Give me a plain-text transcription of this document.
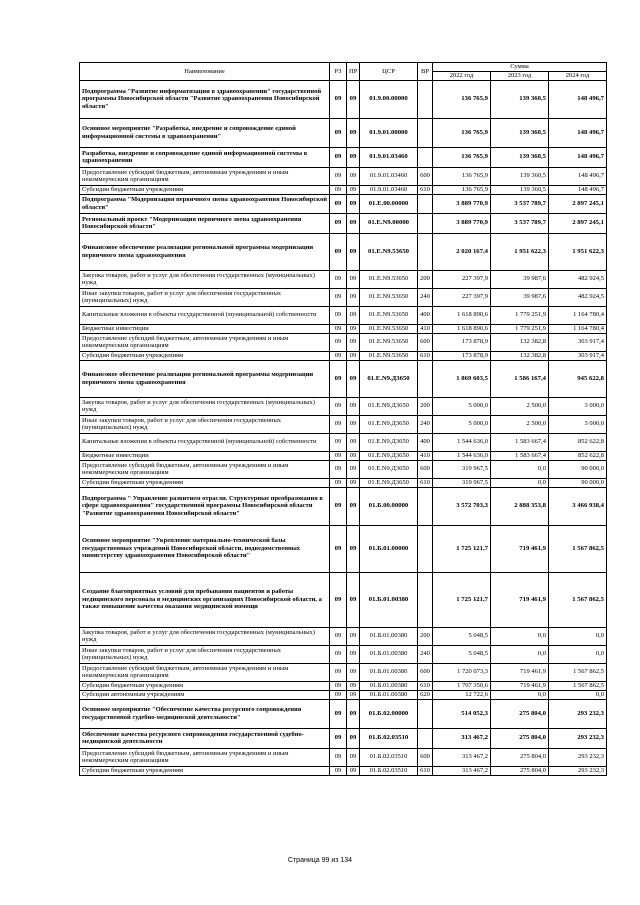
Наименование	РЗ	ПР	ЦСР	ВР	Сумма		
					2022 год	2023 год	2024 год
Подпрограмма "Развитие информатизации в здравоохранении" государственной программы Новосибирской области "Развитие здравоохранения Новосибирской области"	09	09	01.9.00.00000		136 765,9	139 360,5	148 496,7
Основное мероприятие "Разработка, внедрение и сопровождение единой информационной системы в здравоохранении"	09	09	01.9.01.00000		136 765,9	139 360,5	148 496,7
Разработка, внедрение и сопровождение единой информационной системы в здравоохранении	09	09	01.9.01.03460		136 765,9	139 360,5	148 496,7
Предоставление субсидий бюджетным, автономным учреждениям и иным некоммерческим организациям	09	09	01.9.01.03460	600	136 765,9	139 360,5	148 496,7
Субсидии бюджетным учреждениям	09	09	01.9.01.03460	610	136 765,9	139 360,5	148 496,7
Подпрограмма "Модернизация первичного звена здравоохранения Новосибирской области"	09	09	01.Е.00.00000		3 889 770,9	3 537 789,7	2 897 245,1
Региональный проект "Модернизация первичного звена здравоохранения Новосибирской области"	09	09	01.Е.N9.00000		3 889 770,9	3 537 789,7	2 897 245,1
Финансовое обеспечение реализации региональной программы модернизации первичного звена здравоохранения	09	09	01.Е.N9.53650		2 020 167,4	1 951 622,3	1 951 622,3
Закупка товаров, работ и услуг для обеспечения государственных (муниципальных) нужд	09	09	01.Е.N9.53650	200	227 397,9	39 987,6	482 924,5
Иные закупки товаров, работ и услуг для обеспечения государственных (муниципальных) нужд	09	09	01.Е.N9.53650	240	227 397,9	39 987,6	482 924,5
Капитальные вложения в объекты государственной (муниципальной) собственности	09	09	01.Е.N9.53650	400	1 618 890,6	1 779 251,9	1 164 780,4
Бюджетные инвестиции	09	09	01.Е.N9.53650	410	1 618 890,6	1 779 251,9	1 164 780,4
Предоставление субсидий бюджетным, автономным учреждениям и иным некоммерческим организациям	09	09	01.Е.N9.53650	600	173 878,9	132 382,8	303 917,4
Субсидии бюджетным учреждениям	09	09	01.Е.N9.53650	610	173 878,9	132 382,8	303 917,4
Финансовое обеспечение реализации региональной программы модернизации первичного звена здравоохранения	09	09	01.Е.N9.Д3650		1 869 603,5	1 586 167,4	945 622,8
Закупка товаров, работ и услуг для обеспечения государственных (муниципальных) нужд	09	09	01.Е.N9.Д3650	200	5 000,0	2 500,0	3 000,0
Иные закупки товаров, работ и услуг для обеспечения государственных (муниципальных) нужд	09	09	01.Е.N9.Д3650	240	5 000,0	2 500,0	3 000,0
Капитальные вложения в объекты государственной (муниципальной) собственности	09	09	01.Е.N9.Д3650	400	1 544 636,0	1 583 667,4	852 622,8
Бюджетные инвестиции	09	09	01.Е.N9.Д3650	410	1 544 636,0	1 583 667,4	852 622,8
Предоставление субсидий бюджетным, автономным учреждениям и иным некоммерческим организациям	09	09	01.Е.N9.Д3650	600	319 967,5	0,0	90 000,0
Субсидии бюджетным учреждениям	09	09	01.Е.N9.Д3650	610	319 967,5	0,0	90 000,0
Подпрограмма " Управление развитием отрасли. Структурные преобразования в сфере здравоохранения" государственной программы Новосибирской области "Развитие здравоохранения Новосибирской области"	09	09	01.Б.00.00000		3 572 703,3	2 888 353,8	3 466 938,4
Основное мероприятие "Укрепление материально-технической базы государственных учреждений Новосибирской области, подведомственных министерству здравоохранения Новосибирской области"	09	09	01.Б.01.00000		1 725 121,7	719 461,9	1 567 862,5
Создание благоприятных условий для пребывания пациентов и работы медицинского персонала в медицинских организациях Новосибирской области, а также повышение качества оказания медицинской помощи	09	09	01.Б.01.00380		1 725 121,7	719 461,9	1 567 862,5
Закупка товаров, работ и услуг для обеспечения государственных (муниципальных) нужд	09	09	01.Б.01.00380	200	5 048,5	0,0	0,0
Иные закупки товаров, работ и услуг для обеспечения государственных (муниципальных) нужд	09	09	01.Б.01.00380	240	5 048,5	0,0	0,0
Предоставление субсидий бюджетным, автономным учреждениям и иным некоммерческим организациям	09	09	01.Б.01.00380	600	1 720 073,3	719 461,9	1 567 862,5
Субсидии бюджетным учреждениям	09	09	01.Б.01.00380	610	1 707 350,6	719 461,9	1 567 862,5
Субсидии автономным учреждениям	09	09	01.Б.01.00380	620	12 722,6	0,0	0,0
Основное мероприятие "Обеспечение качества ресурсного сопровождения государственной судебно-медицинской деятельности"	09	09	01.Б.02.00000		514 052,3	275 804,0	293 232,3
Обеспечение качества ресурсного сопровождения государственной судебно-медицинской деятельности	09	09	01.Б.02.03510		313 467,2	275 804,0	293 232,3
Предоставление субсидий бюджетным, автономным учреждениям и иным некоммерческим организациям	09	09	01.Б.02.03510	600	313 467,2	275 804,0	293 232,3
Субсидии бюджетным учреждениям	09	09	01.Б.02.03510	610	313 467,2	275 804,0	293 232,3
Страница 99 из 134
